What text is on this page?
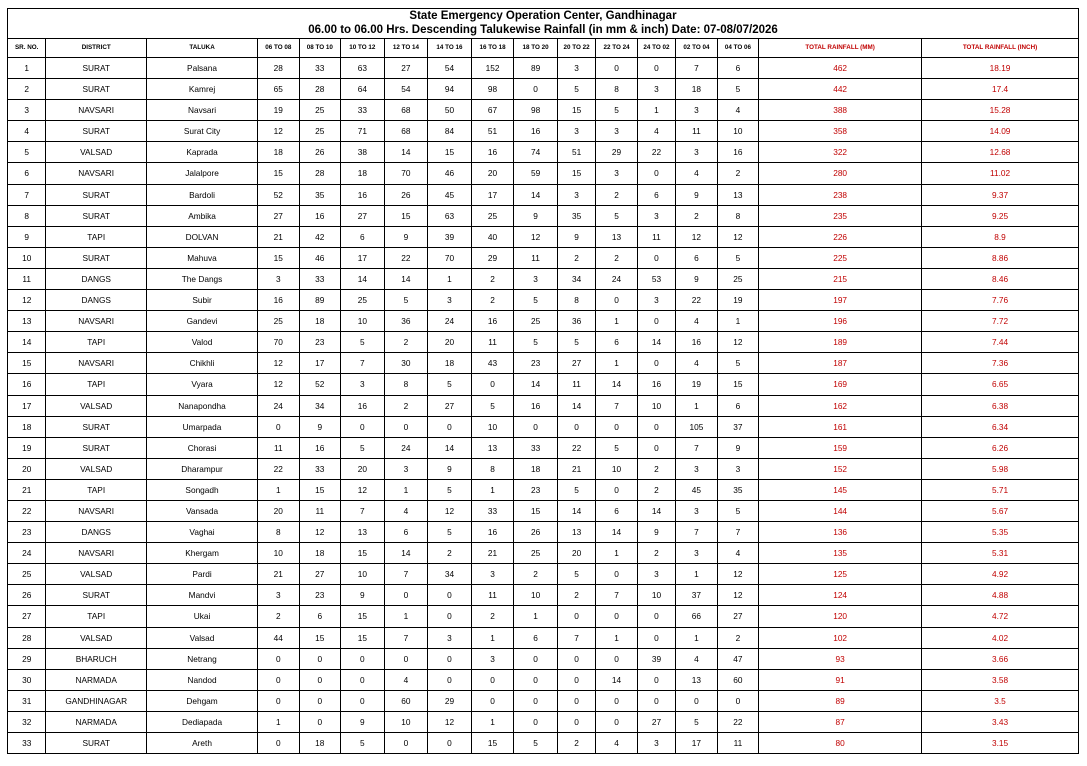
State Emergency Operation Center, Gandhinagar																
06.00 to 06.00 Hrs. Descending Talukewise Rainfall (in mm & inch) Date: 07-08/07/2026																
SR. NO.	DISTRICT	TALUKA	06 TO 08	08 TO 10	10 TO 12	12 TO 14	14 TO 16	16 TO 18	18 TO 20	20 TO 22	22 TO 24	24 TO 02	02 TO 04	04 TO 06	TOTAL RAINFALL (MM)	TOTAL RAINFALL (INCH)
1	SURAT	Palsana	28	33	63	27	54	152	89	3	0	0	7	6	462	18.19
2	SURAT	Kamrej	65	28	64	54	94	98	0	5	8	3	18	5	442	17.4
3	NAVSARI	Navsari	19	25	33	68	50	67	98	15	5	1	3	4	388	15.28
4	SURAT	Surat City	12	25	71	68	84	51	16	3	3	4	11	10	358	14.09
5	VALSAD	Kaprada	18	26	38	14	15	16	74	51	29	22	3	16	322	12.68
6	NAVSARI	Jalalpore	15	28	18	70	46	20	59	15	3	0	4	2	280	11.02
7	SURAT	Bardoli	52	35	16	26	45	17	14	3	2	6	9	13	238	9.37
8	SURAT	Ambika	27	16	27	15	63	25	9	35	5	3	2	8	235	9.25
9	TAPI	DOLVAN	21	42	6	9	39	40	12	9	13	11	12	12	226	8.9
10	SURAT	Mahuva	15	46	17	22	70	29	11	2	2	0	6	5	225	8.86
11	DANGS	The Dangs	3	33	14	14	1	2	3	34	24	53	9	25	215	8.46
12	DANGS	Subir	16	89	25	5	3	2	5	8	0	3	22	19	197	7.76
13	NAVSARI	Gandevi	25	18	10	36	24	16	25	36	1	0	4	1	196	7.72
14	TAPI	Valod	70	23	5	2	20	11	5	5	6	14	16	12	189	7.44
15	NAVSARI	Chikhli	12	17	7	30	18	43	23	27	1	0	4	5	187	7.36
16	TAPI	Vyara	12	52	3	8	5	0	14	11	14	16	19	15	169	6.65
17	VALSAD	Nanapondha	24	34	16	2	27	5	16	14	7	10	1	6	162	6.38
18	SURAT	Umarpada	0	9	0	0	0	10	0	0	0	0	105	37	161	6.34
19	SURAT	Chorasi	11	16	5	24	14	13	33	22	5	0	7	9	159	6.26
20	VALSAD	Dharampur	22	33	20	3	9	8	18	21	10	2	3	3	152	5.98
21	TAPI	Songadh	1	15	12	1	5	1	23	5	0	2	45	35	145	5.71
22	NAVSARI	Vansada	20	11	7	4	12	33	15	14	6	14	3	5	144	5.67
23	DANGS	Vaghai	8	12	13	6	5	16	26	13	14	9	7	7	136	5.35
24	NAVSARI	Khergam	10	18	15	14	2	21	25	20	1	2	3	4	135	5.31
25	VALSAD	Pardi	21	27	10	7	34	3	2	5	0	3	1	12	125	4.92
26	SURAT	Mandvi	3	23	9	0	0	11	10	2	7	10	37	12	124	4.88
27	TAPI	Ukai	2	6	15	1	0	2	1	0	0	0	66	27	120	4.72
28	VALSAD	Valsad	44	15	15	7	3	1	6	7	1	0	1	2	102	4.02
29	BHARUCH	Netrang	0	0	0	0	0	3	0	0	0	39	4	47	93	3.66
30	NARMADA	Nandod	0	0	0	4	0	0	0	0	14	0	13	60	91	3.58
31	GANDHINAGAR	Dehgam	0	0	0	60	29	0	0	0	0	0	0	0	89	3.5
32	NARMADA	Dediapada	1	0	9	10	12	1	0	0	0	27	5	22	87	3.43
33	SURAT	Areth	0	18	5	0	0	15	5	2	4	3	17	11	80	3.15
